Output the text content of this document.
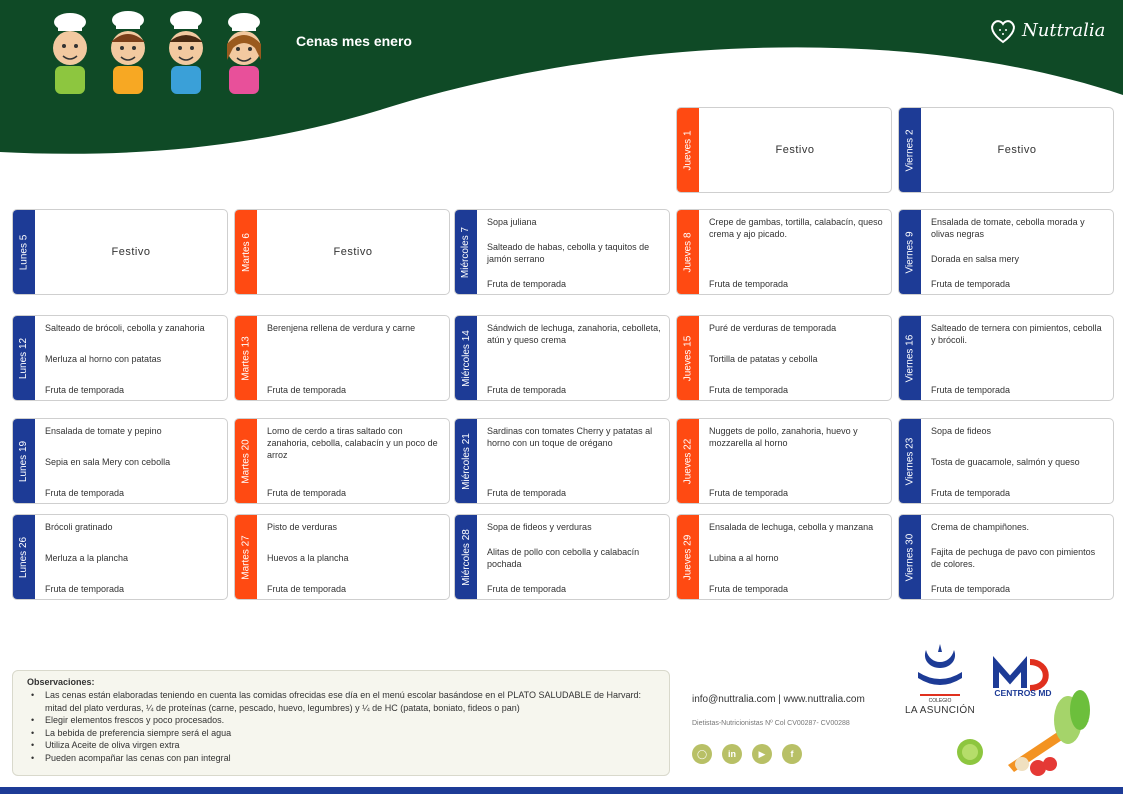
Cenas mes enero
Nuttralia
Jueves 1	Festivo	Viernes 2	Festivo
Lunes 5	Festivo	Martes 6	Festivo	Miércoles 7
Sopa juliana
Salteado de habas, cebolla y taquitos de jamón serrano
Fruta de temporada
Jueves 8
Crepe de gambas, tortilla, calabacín, queso crema y ajo picado.
Fruta de temporada
Viernes 9
Ensalada de tomate, cebolla morada y olivas negras
Dorada en salsa mery
Fruta de temporada
Lunes 12
Salteado de brócoli, cebolla y zanahoria
Merluza al horno con patatas
Fruta de temporada
Martes 13
Berenjena rellena de verdura y carne
Fruta de temporada
Miércoles 14
Sándwich de lechuga, zanahoria, cebolleta, atún y queso crema
Fruta de temporada
Jueves 15
Puré de verduras de temporada
Tortilla de patatas y cebolla
Fruta de temporada
Viernes 16
Salteado de ternera con pimientos, cebolla y brócoli.
Fruta de temporada
Lunes 19
Ensalada de tomate y pepino
Sepia en sala Mery con cebolla
Fruta de temporada
Martes 20
Lomo de cerdo a tiras saltado con zanahoria, cebolla, calabacín y un poco de arroz
Fruta de temporada
Miércoles 21
Sardinas con tomates Cherry y patatas al horno con un toque de orégano
Fruta de temporada
Jueves 22
Nuggets de pollo, zanahoria, huevo y mozzarella al horno
Fruta de temporada
Viernes 23
Sopa de fideos
Tosta de guacamole, salmón y queso
Fruta de temporada
Lunes 26
Brócoli gratinado
Merluza a la plancha
Fruta de temporada
Martes 27
Pisto de verduras
Huevos a la plancha
Fruta de temporada
Miércoles 28
Sopa de fideos y verduras
Alitas de pollo con cebolla y calabacín pochada
Fruta de temporada
Jueves 29
Ensalada de lechuga, cebolla y manzana
Lubina a al horno
Fruta de temporada
Viernes 30
Crema de champiñones.
Fajita de pechuga de pavo con pimientos de colores.
Fruta de temporada
Observaciones:
• Las cenas están elaboradas teniendo en cuenta las comidas ofrecidas ese día en el menú escolar basándose en el PLATO SALUDABLE de Harvard: mitad del plato verduras, ¼ de proteínas (carne, pescado, huevo, legumbres) y ¼ de HC (patata, boniato, fideos o pan)
• Elegir elementos frescos y poco procesados.
• La bebida de preferencia siempre será el agua
• Utiliza Aceite de oliva virgen extra
• Pueden acompañar las cenas con pan integral
info@nuttralia.com | www.nuttralia.com
Dietistas-Nutricionistas Nº Col CV00287- CV00288
◯	in	▶	f
COLEGIO
LA ASUNCIÓN
CENTROS MD
